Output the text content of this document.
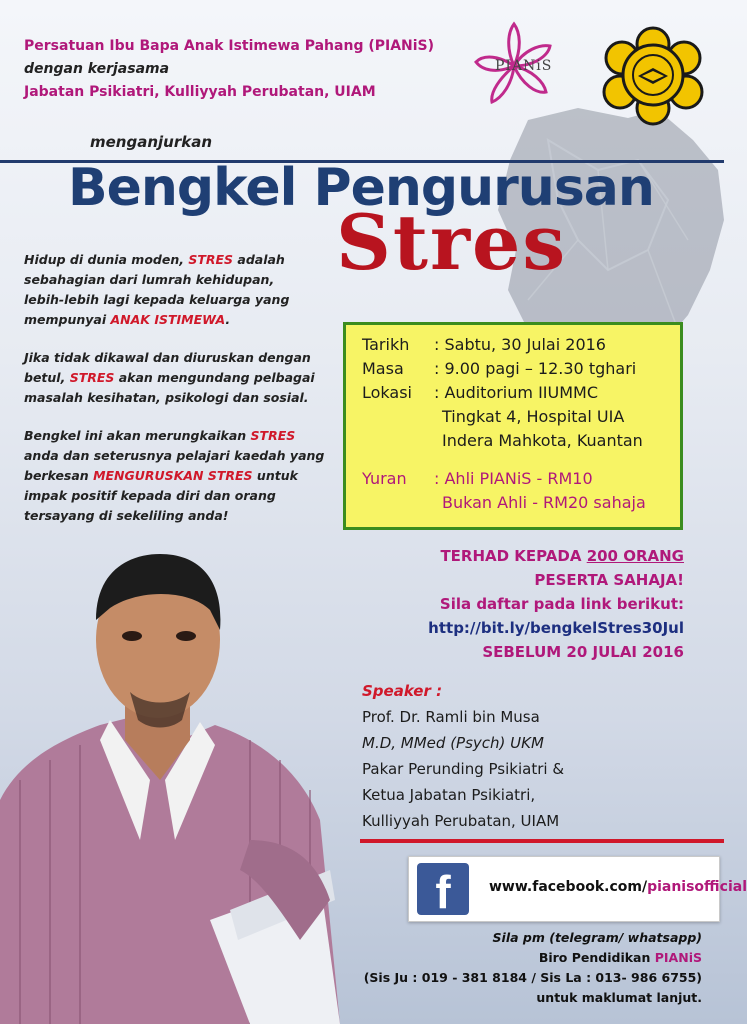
Persatuan Ibu Bapa Anak Istimewa Pahang (PIANiS)
dengan kerjasama
Jabatan Psikiatri, Kulliyyah Perubatan, UIAM
PIANiS
menganjurkan
Bengkel Pengurusan
Stres
Hidup di dunia moden, STRES adalah
sebahagian dari lumrah kehidupan,
lebih-lebih lagi kepada keluarga yang
mempunyai ANAK ISTIMEWA.
Jika tidak dikawal dan diuruskan dengan
betul, STRES akan mengundang pelbagai
masalah kesihatan, psikologi dan sosial.
Bengkel ini akan merungkaikan STRES
anda dan seterusnya pelajari kaedah yang
berkesan MENGURUSKAN STRES untuk
impak positif kepada diri dan orang
tersayang di sekeliling anda!
Tarikh : Sabtu, 30 Julai 2016
Masa : 9.00 pagi – 12.30 tghari
Lokasi : Auditorium IIUMMC
Tingkat 4, Hospital UIA
Indera Mahkota, Kuantan
Yuran : Ahli PIANiS - RM10
Bukan Ahli - RM20 sahaja
TERHAD KEPADA 200 ORANG
PESERTA SAHAJA!
Sila daftar pada link berikut:
http://bit.ly/bengkelStres30Jul
SEBELUM 20 JULAI 2016
Speaker :
Prof. Dr. Ramli bin Musa
M.D, MMed (Psych) UKM
Pakar Perunding Psikiatri &
Ketua Jabatan Psikiatri,
Kulliyyah Perubatan, UIAM
f	www.facebook.com/pianisofficial
Sila pm (telegram/ whatsapp)
Biro Pendidikan PIANiS
(Sis Ju : 019 - 381 8184 / Sis La : 013- 986 6755)
untuk maklumat lanjut.
